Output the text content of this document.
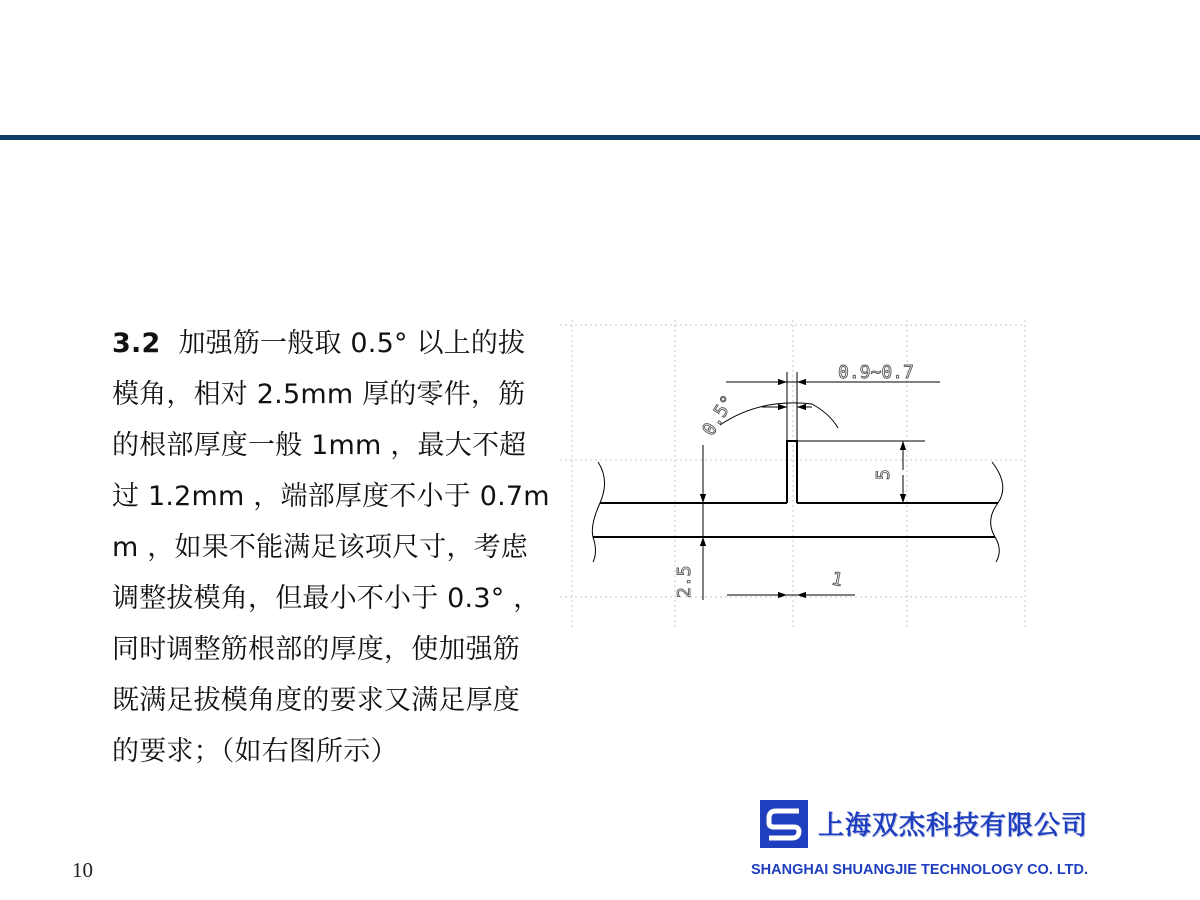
3.2 加强筋一般取 0.5° 以上的拔
模角，相对 2.5mm 厚的零件，筋
的根部厚度一般 1mm ，最大不超
过 1.2mm ，端部厚度不小于 0.7m
m ，如果不能满足该项尺寸，考虑
调整拔模角，但最小不小于 0.3° ，
同时调整筋根部的厚度，使加强筋
既满足拔模角度的要求又满足厚度
的要求；（如右图所示）
0.9~0.7
0.5°
5
2.5	1
上海双杰科技有限公司
SHANGHAI SHUANGJIE TECHNOLOGY CO. LTD.
10
